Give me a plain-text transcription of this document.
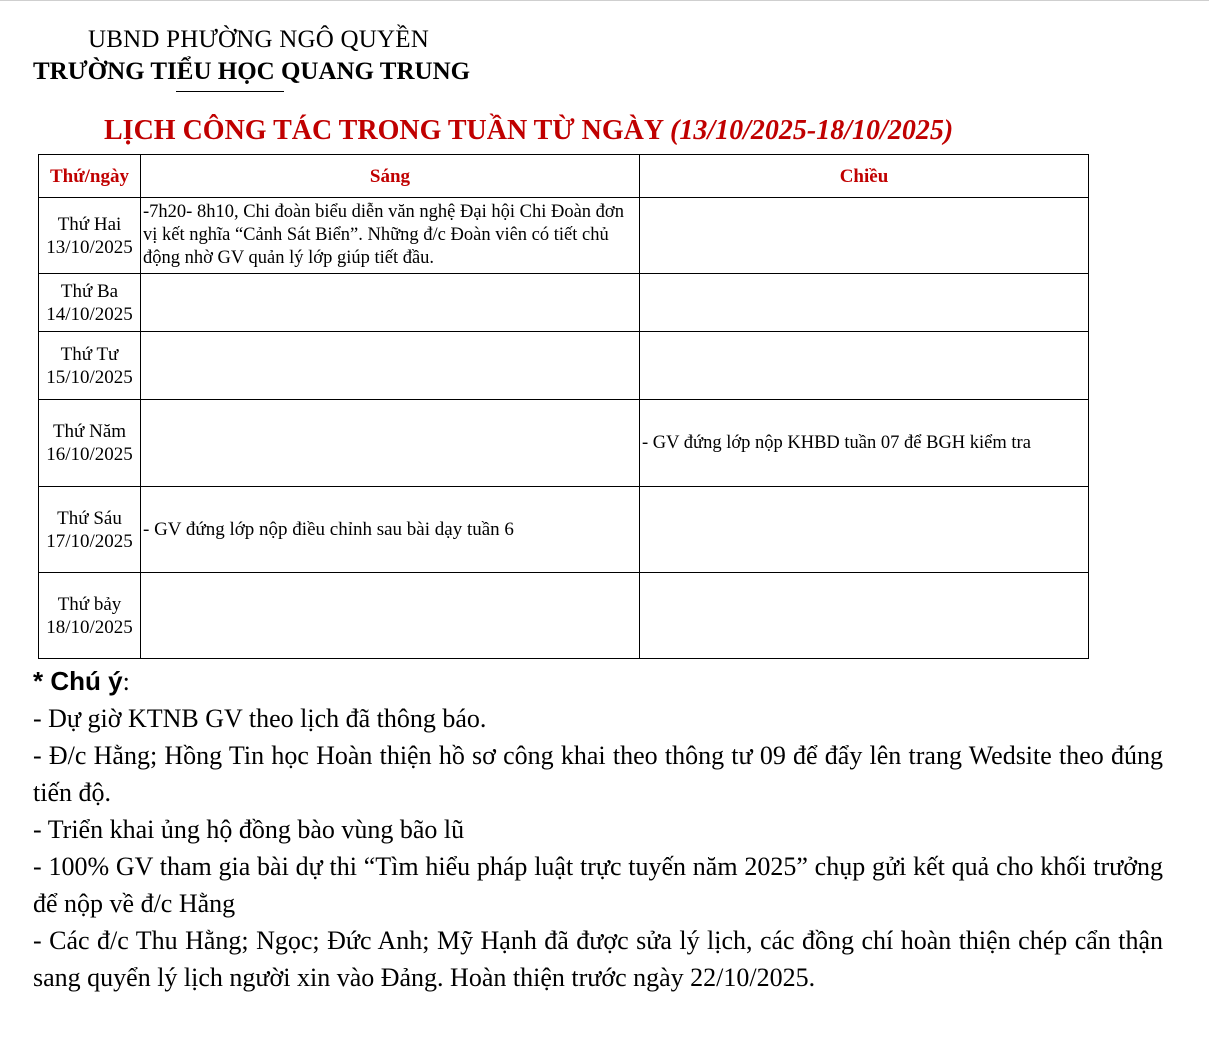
UBND PHƯỜNG NGÔ QUYỀN
TRƯỜNG TIỂU HỌC QUANG TRUNG
LỊCH CÔNG TÁC TRONG TUẦN TỪ NGÀY (13/10/2025-18/10/2025)
Thứ/ngày	Sáng	Chiều

Thứ Hai
13/10/2025	-7h20- 8h10, Chi đoàn biểu diễn văn nghệ Đại hội Chi Đoàn đơn vị kết nghĩa “Cảnh Sát Biển”. Những đ/c Đoàn viên có tiết chủ động nhờ GV quản lý lớp giúp tiết đầu.	

Thứ Ba
14/10/2025		

Thứ Tư
15/10/2025		

Thứ Năm
16/10/2025		- GV đứng lớp nộp KHBD tuần 07 để BGH kiểm tra

Thứ Sáu
17/10/2025	- GV đứng lớp nộp điều chỉnh sau bài dạy tuần 6	

Thứ bảy
18/10/2025		

* Chú ý:

- Dự giờ KTNB GV theo lịch đã thông báo.

- Đ/c Hằng; Hồng Tin học Hoàn thiện hồ sơ công khai theo thông tư 09 để đẩy lên trang Wedsite theo đúng tiến độ.

- Triển khai ủng hộ đồng bào vùng bão lũ

- 100% GV tham gia bài dự thi “Tìm hiểu pháp luật trực tuyến năm 2025” chụp gửi kết quả cho khối trưởng để nộp về đ/c Hằng

- Các đ/c Thu Hằng; Ngọc; Đức Anh; Mỹ Hạnh đã được sửa lý lịch, các đồng chí hoàn thiện chép cẩn thận sang quyển lý lịch người xin vào Đảng. Hoàn thiện trước ngày 22/10/2025.
